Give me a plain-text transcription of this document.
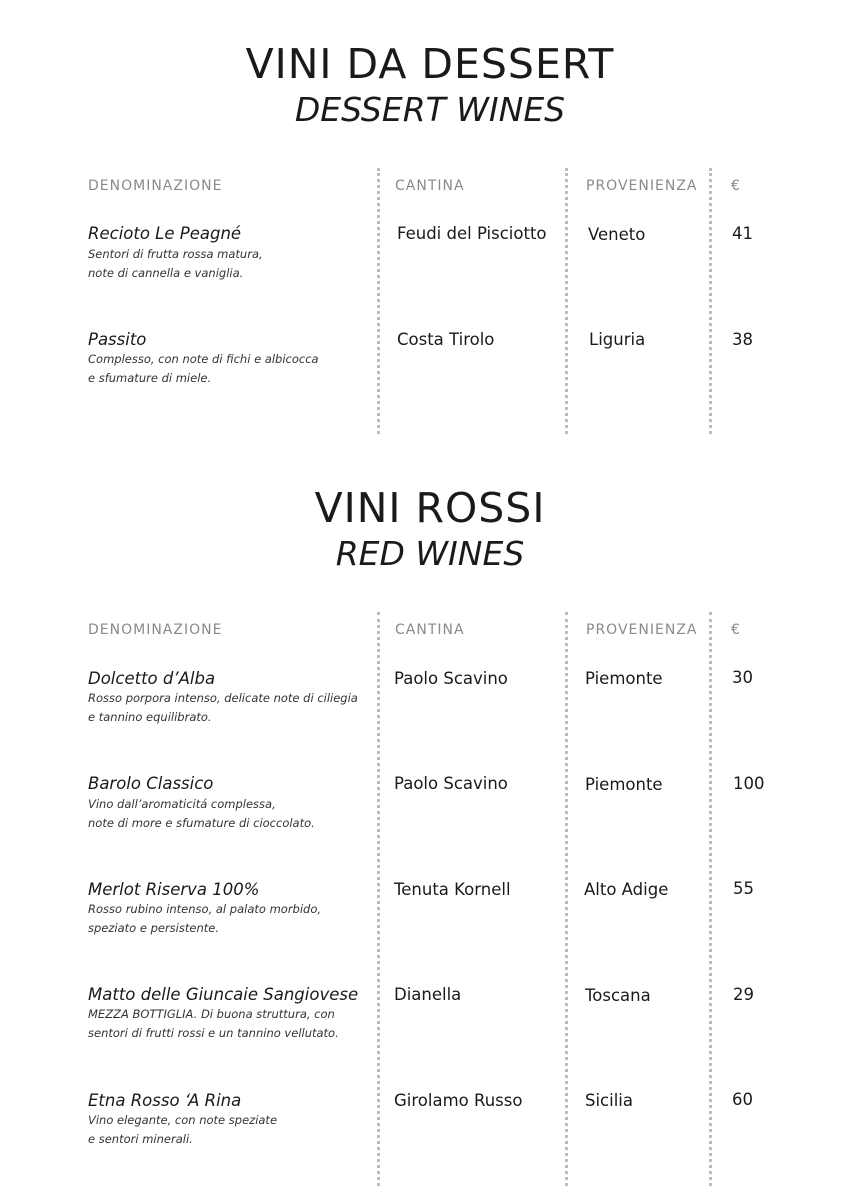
VINI DA DESSERT
DESSERT WINES
DENOMINAZIONE	CANTINA	PROVENIENZA €
Recioto Le Peagné
Sentori di frutta rossa matura,
note di cannella e vaniglia.
Feudi del Pisciotto	Veneto	41
Passito
Complesso, con note di fichi e albicocca
e sfumature di miele.
Costa Tirolo	Liguria	38
VINI ROSSI
RED WINES
DENOMINAZIONE	CANTINA	PROVENIENZA €
Dolcetto d’Alba
Rosso porpora intenso, delicate note di ciliegia
e tannino equilibrato.
Paolo Scavino	Piemonte	30
Barolo Classico
Vino dall’aromaticitá complessa,
note di more e sfumature di cioccolato.
Paolo Scavino	Piemonte	100
Merlot Riserva 100%
Rosso rubino intenso, al palato morbido,
speziato e persistente.
Tenuta Kornell	Alto Adige	55
Matto delle Giuncaie Sangiovese
MEZZA BOTTIGLIA. Di buona struttura, con
sentori di frutti rossi e un tannino vellutato.
Dianella	Toscana	29
Etna Rosso ‘A Rina
Vino elegante, con note speziate
e sentori minerali.
Girolamo Russo	Sicilia	60
